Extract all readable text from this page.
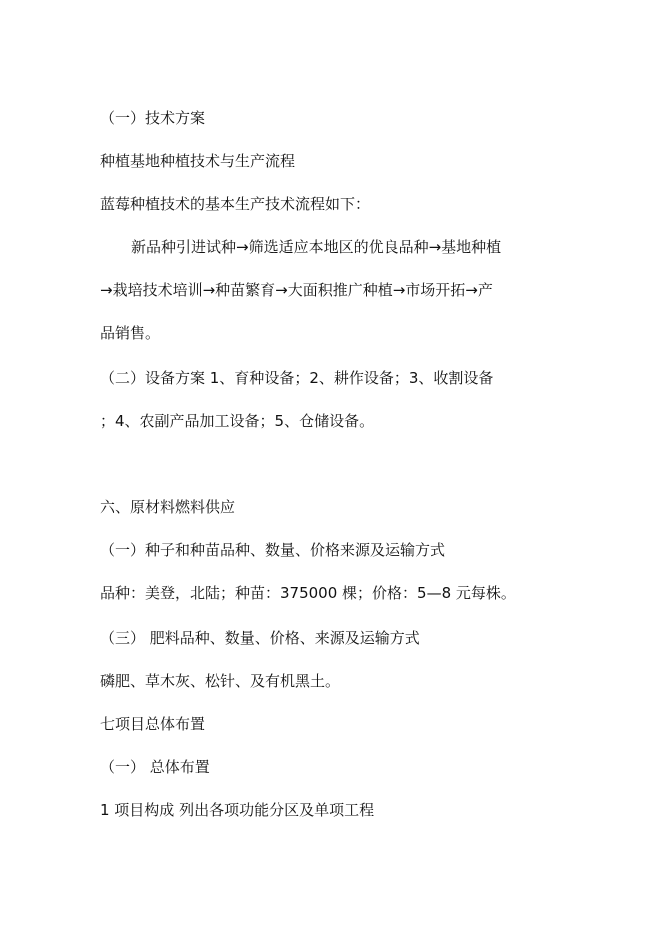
（一）技术方案
种植基地种植技术与生产流程
蓝莓种植技术的基本生产技术流程如下：
新品种引进试种→筛选适应本地区的优良品种→基地种植
→栽培技术培训→种苗繁育→大面积推广种植→市场开拓→产
品销售。
（二）设备方案 1、育种设备；2、耕作设备；3、收割设备
；4、农副产品加工设备；5、仓储设备。
六、原材料燃料供应
（一）种子和种苗品种、数量、价格来源及运输方式
品种：美登，北陆；种苗：375000 棵；价格：5—8 元每株。
（三） 肥料品种、数量、价格、来源及运输方式
磷肥、草木灰、松针、及有机黑土。
七项目总体布置
（一） 总体布置
1 项目构成 列出各项功能分区及单项工程
